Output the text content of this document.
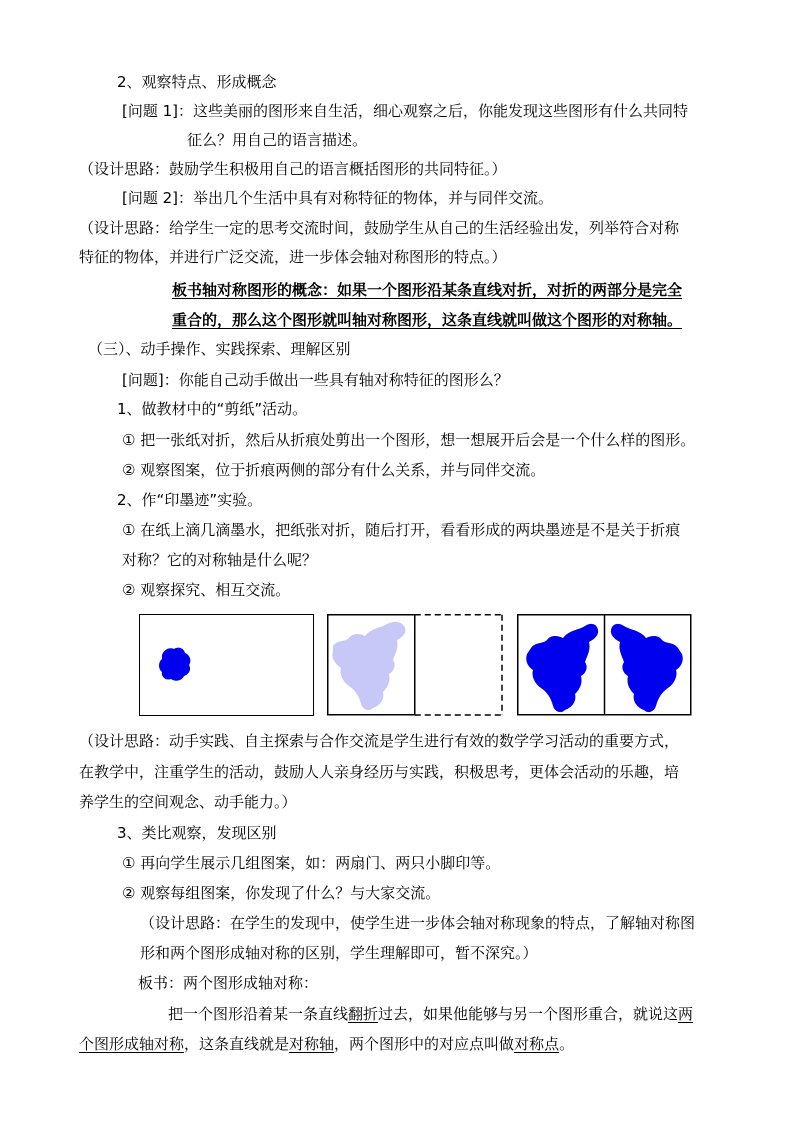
2、观察特点、形成概念
[问题 1]：这些美丽的图形来自生活，细心观察之后，你能发现这些图形有什么共同特
征么？用自己的语言描述。
（设计思路：鼓励学生积极用自己的语言概括图形的共同特征。）
[问题 2]：举出几个生活中具有对称特征的物体，并与同伴交流。
（设计思路：给学生一定的思考交流时间，鼓励学生从自己的生活经验出发，列举符合对称
特征的物体，并进行广泛交流，进一步体会轴对称图形的特点。）
板书轴对称图形的概念：如果一个图形沿某条直线对折，对折的两部分是完全
重合的，那么这个图形就叫轴对称图形，这条直线就叫做这个图形的对称轴。
（三）、动手操作、实践探索、理解区别
[问题]：你能自己动手做出一些具有轴对称特征的图形么？
1、做教材中的“剪纸”活动。
① 把一张纸对折，然后从折痕处剪出一个图形，想一想展开后会是一个什么样的图形。
② 观察图案，位于折痕两侧的部分有什么关系，并与同伴交流。
2、作“印墨迹”实验。
① 在纸上滴几滴墨水，把纸张对折，随后打开，看看形成的两块墨迹是不是关于折痕
对称？它的对称轴是什么呢？
② 观察探究、相互交流。
（设计思路：动手实践、自主探索与合作交流是学生进行有效的数学学习活动的重要方式，
在教学中，注重学生的活动，鼓励人人亲身经历与实践，积极思考，更体会活动的乐趣，培
养学生的空间观念、动手能力。）
3、类比观察，发现区别
① 再向学生展示几组图案，如：两扇门、两只小脚印等。
② 观察每组图案，你发现了什么？与大家交流。
（设计思路：在学生的发现中，使学生进一步体会轴对称现象的特点，了解轴对称图
形和两个图形成轴对称的区别，学生理解即可，暂不深究。）
板书：两个图形成轴对称：
把一个图形沿着某一条直线翻折过去，如果他能够与另一个图形重合，就说这两
个图形成轴对称，这条直线就是对称轴，两个图形中的对应点叫做对称点。
